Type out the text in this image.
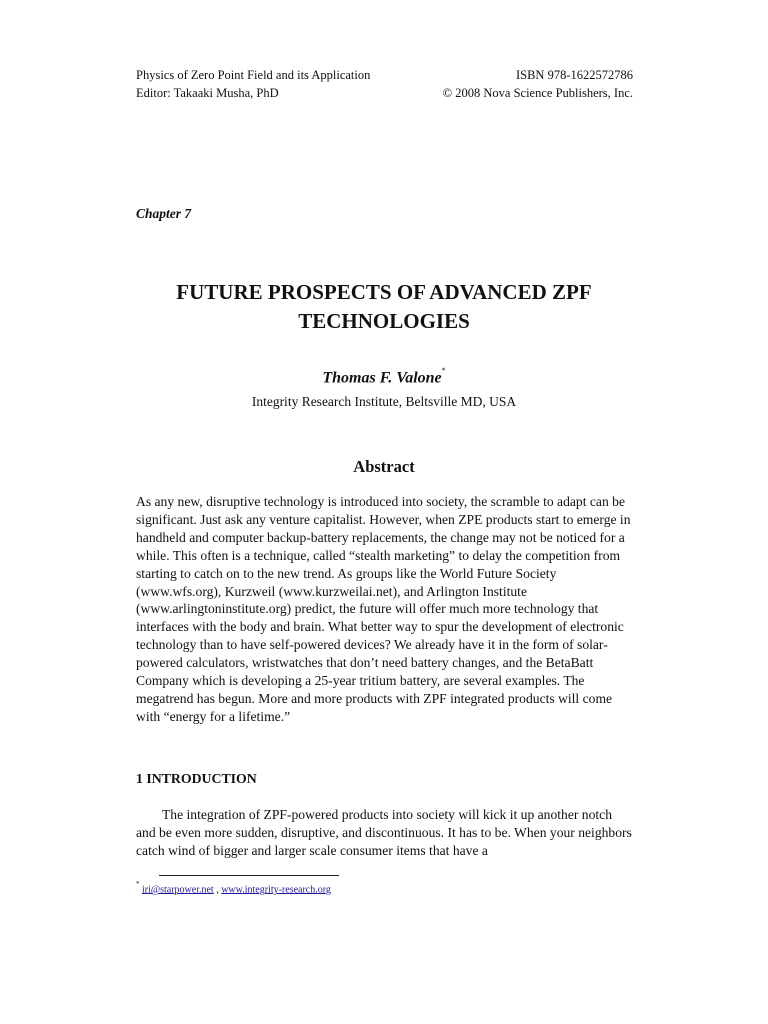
Physics of Zero Point Field and its Application
Editor: Takaaki Musha, PhD
ISBN 978-1622572786
© 2008 Nova Science Publishers, Inc.
Chapter 7
FUTURE PROSPECTS OF ADVANCED ZPF
TECHNOLOGIES
Thomas F. Valone*
Integrity Research Institute, Beltsville MD, USA
Abstract
As any new, disruptive technology is introduced into society, the scramble to adapt can be significant. Just ask any venture capitalist. However, when ZPE products start to emerge in handheld and computer backup-battery replacements, the change may not be noticed for a while. This often is a technique, called “stealth marketing” to delay the competition from starting to catch on to the new trend. As groups like the World Future Society (www.wfs.org), Kurzweil (www.kurzweilai.net), and Arlington Institute (www.arlingtoninstitute.org) predict, the future will offer much more technology that interfaces with the body and brain. What better way to spur the development of electronic technology than to have self-powered devices? We already have it in the form of solar-powered calculators, wristwatches that don’t need battery changes, and the BetaBatt Company which is developing a 25-year tritium battery, are several examples. The megatrend has begun. More and more products with ZPF integrated products will come with “energy for a lifetime.”
1 INTRODUCTION
The integration of ZPF-powered products into society will kick it up another notch and be even more sudden, disruptive, and discontinuous. It has to be. When your neighbors catch wind of bigger and larger scale consumer items that have a
* iri@starpower.net , www.integrity-research.org
